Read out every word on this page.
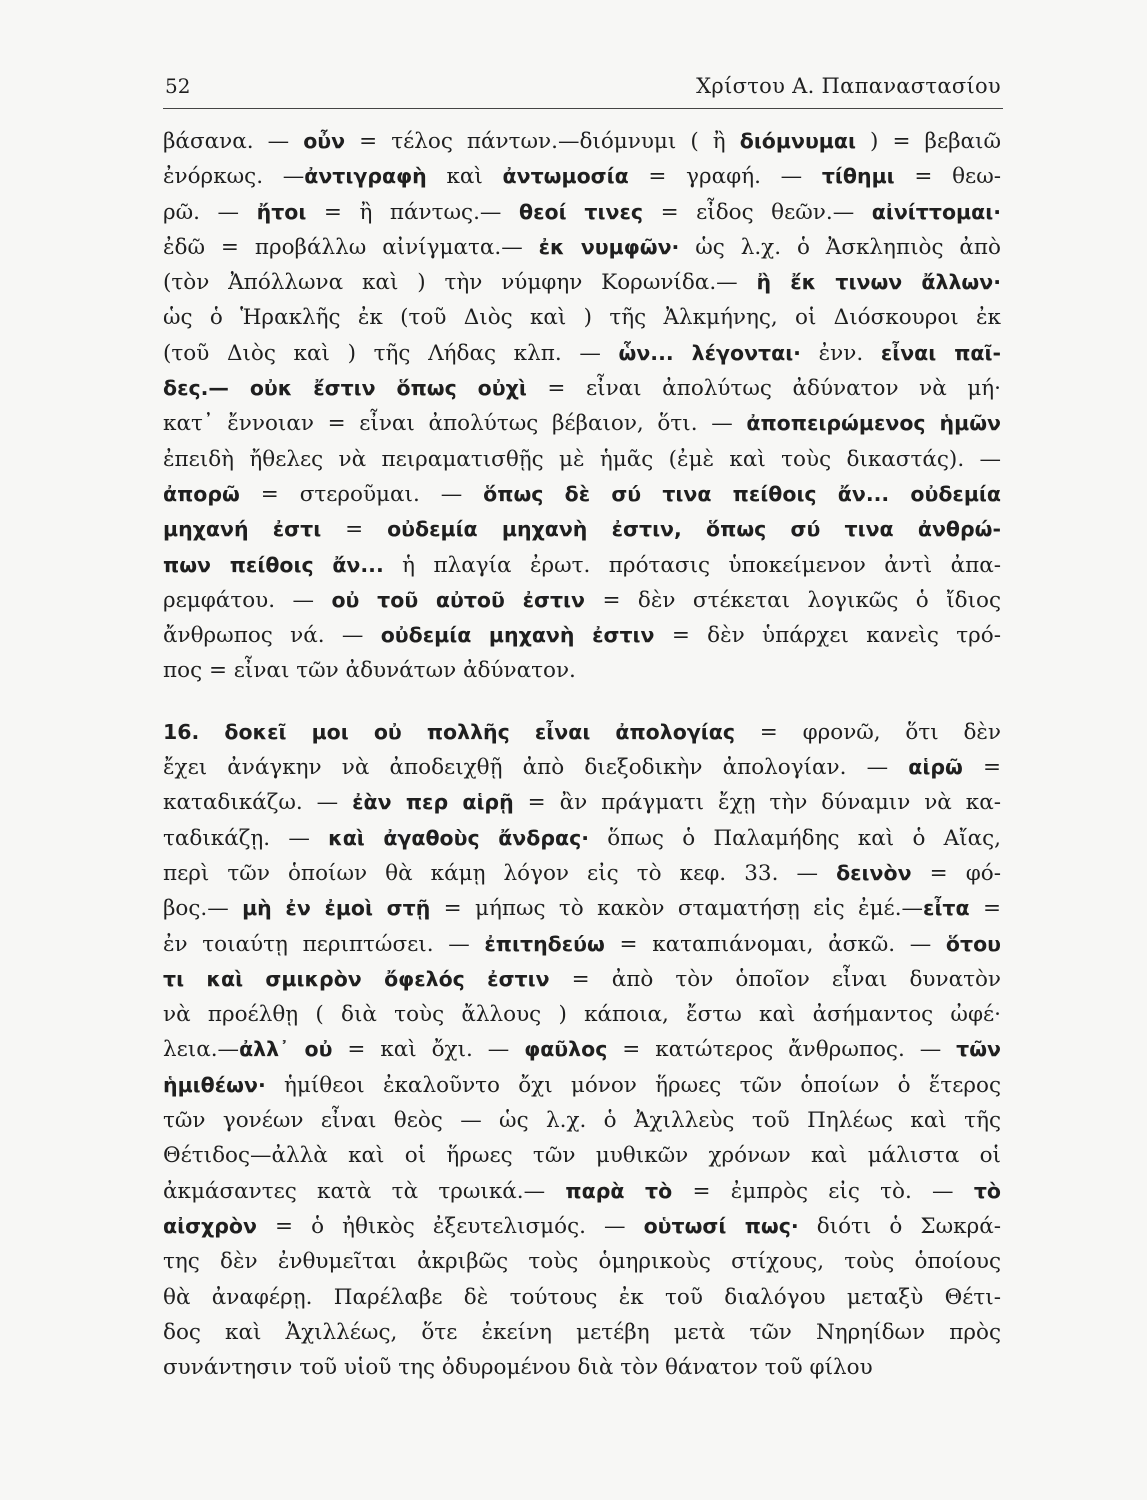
52	Χρίστου Α. Παπαναστασίου
βάσανα. — οὖν = τέλος πάντων.—διόμνυμι ( ἢ διόμνυμαι ) = βεβαιῶ
ἐνόρκως. —ἀντιγραφὴ καὶ ἀντωμοσία = γραφή. — τίθημι = θεω-
ρῶ. — ἤτοι = ἢ πάντως.— θεοί τινες = εἶδος θεῶν.— αἰνίττομαι·
ἐδῶ = προβάλλω αἰνίγματα.— ἐκ νυμφῶν· ὡς λ.χ. ὁ Ἀσκληπιὸς ἀπὸ
(τὸν Ἀπόλλωνα καὶ ) τὴν νύμφην Κορωνίδα.— ἢ ἔκ τινων ἄλλων·
ὡς ὁ Ἡρακλῆς ἐκ (τοῦ Διὸς καὶ ) τῆς Ἀλκμήνης, οἱ Διόσκουροι ἐκ
(τοῦ Διὸς καὶ ) τῆς Λήδας κλπ. — ὧν... λέγονται· ἐνν. εἶναι παῖ-
δες.— οὐκ ἔστιν ὅπως οὐχὶ = εἶναι ἀπολύτως ἀδύνατον νὰ μή·
κατ᾽ ἔννοιαν = εἶναι ἀπολύτως βέβαιον, ὅτι. — ἀποπειρώμενος ἡμῶν
ἐπειδὴ ἤθελες νὰ πειραματισθῇς μὲ ἡμᾶς (ἐμὲ καὶ τοὺς δικαστάς). —
ἀπορῶ = στεροῦμαι. — ὅπως δὲ σύ τινα πείθοις ἄν... οὐδεμία
μηχανή ἐστι = οὐδεμία μηχανὴ ἐστιν, ὅπως σύ τινα ἀνθρώ-
πων πείθοις ἄν... ἡ πλαγία ἐρωτ. πρότασις ὑποκείμενον ἀντὶ ἀπα-
ρεμφάτου. — οὐ τοῦ αὐτοῦ ἐστιν = δὲν στέκεται λογικῶς ὁ ἴδιος
ἄνθρωπος νά. — οὐδεμία μηχανὴ ἐστιν = δὲν ὑπάρχει κανεὶς τρό-
πος = εἶναι τῶν ἀδυνάτων ἀδύνατον.
16. δοκεῖ μοι οὐ πολλῆς εἶναι ἀπολογίας = φρονῶ, ὅτι δὲν
ἔχει ἀνάγκην νὰ ἀποδειχθῇ ἀπὸ διεξοδικὴν ἀπολογίαν. — αἱρῶ =
καταδικάζω. — ἐὰν περ αἱρῇ = ἂν πράγματι ἔχῃ τὴν δύναμιν νὰ κα-
ταδικάζῃ. — καὶ ἀγαθοὺς ἄνδρας· ὅπως ὁ Παλαμήδης καὶ ὁ Αἴας,
περὶ τῶν ὁποίων θὰ κάμῃ λόγον εἰς τὸ κεφ. 33. — δεινὸν = φό-
βος.— μὴ ἐν ἐμοὶ στῇ = μήπως τὸ κακὸν σταματήσῃ εἰς ἐμέ.—εἶτα =
ἐν τοιαύτῃ περιπτώσει. — ἐπιτηδεύω = καταπιάνομαι, ἀσκῶ. — ὅτου
τι καὶ σμικρὸν ὄφελός ἐστιν = ἀπὸ τὸν ὁποῖον εἶναι δυνατὸν
νὰ προέλθῃ ( διὰ τοὺς ἄλλους ) κάποια, ἔστω καὶ ἀσήμαντος ὠφέ·
λεια.—ἀλλ᾽ οὐ = καὶ ὄχι. — φαῦλος = κατώτερος ἄνθρωπος. — τῶν
ἡμιθέων· ἡμίθεοι ἐκαλοῦντο ὄχι μόνον ἥρωες τῶν ὁποίων ὁ ἕτερος
τῶν γονέων εἶναι θεὸς — ὡς λ.χ. ὁ Ἀχιλλεὺς τοῦ Πηλέως καὶ τῆς
Θέτιδος—ἀλλὰ καὶ οἱ ἥρωες τῶν μυθικῶν χρόνων καὶ μάλιστα οἱ
ἀκμάσαντες κατὰ τὰ τρωικά.— παρὰ τὸ = ἐμπρὸς εἰς τὸ. — τὸ
αἰσχρὸν = ὁ ἠθικὸς ἐξευτελισμός. — οὑτωσί πως· διότι ὁ Σωκρά-
της δὲν ἐνθυμεῖται ἀκριβῶς τοὺς ὁμηρικοὺς στίχους, τοὺς ὁποίους
θὰ ἀναφέρῃ. Παρέλαβε δὲ τούτους ἐκ τοῦ διαλόγου μεταξὺ Θέτι-
δος καὶ Ἀχιλλέως, ὅτε ἐκείνη μετέβη μετὰ τῶν Νηρηίδων πρὸς
συνάντησιν τοῦ υἱοῦ της ὀδυρομένου διὰ τὸν θάνατον τοῦ φίλου
